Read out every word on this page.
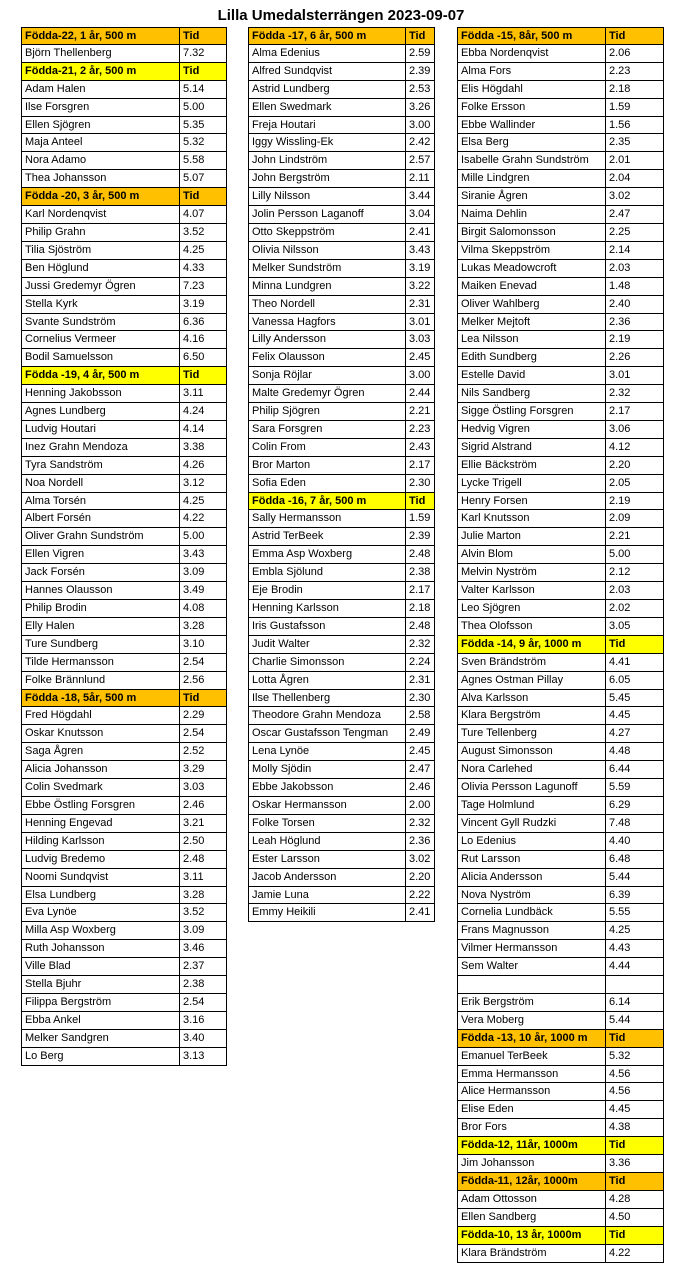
Lilla Umedalsterrängen 2023-09-07
Födda-22, 1 år, 500 m	Tid
Björn Thellenberg	7.32
Födda-21, 2 år, 500 m	Tid
Adam Halen	5.14
Ilse Forsgren	5.00
Ellen Sjögren	5.35
Maja Anteel	5.32
Nora Adamo	5.58
Thea Johansson	5.07
Födda -20, 3 år, 500 m	Tid
Karl Nordenqvist	4.07
Philip Grahn	3.52
Tilia Sjöström	4.25
Ben Höglund	4.33
Jussi Gredemyr Ögren	7.23
Stella Kyrk	3.19
Svante Sundström	6.36
Cornelius Vermeer	4.16
Bodil Samuelsson	6.50
Födda -19, 4 år, 500 m	Tid
Henning Jakobsson	3.11
Agnes Lundberg	4.24
Ludvig Houtari	4.14
Inez Grahn Mendoza	3.38
Tyra Sandström	4.26
Noa Nordell	3.12
Alma Torsén	4.25
Albert Forsén	4.22
Oliver Grahn Sundström	5.00
Ellen Vigren	3.43
Jack Forsén	3.09
Hannes Olausson	3.49
Philip Brodin	4.08
Elly Halen	3.28
Ture Sundberg	3.10
Tilde Hermansson	2.54
Folke Brännlund	2.56
Födda -18, 5år, 500 m	Tid
Fred Högdahl	2.29
Oskar Knutsson	2.54
Saga Ågren	2.52
Alicia Johansson	3.29
Colin Svedmark	3.03
Ebbe Östling Forsgren	2.46
Henning Engevad	3.21
Hilding Karlsson	2.50
Ludvig Bredemo	2.48
Noomi Sundqvist	3.11
Elsa Lundberg	3.28
Eva Lynöe	3.52
Milla Asp Woxberg	3.09
Ruth Johansson	3.46
Ville Blad	2.37
Stella Bjuhr	2.38
Filippa Bergström	2.54
Ebba Ankel	3.16
Melker Sandgren	3.40
Lo Berg	3.13
Födda -17, 6 år, 500 m	Tid
Alma Edenius	2.59
Alfred Sundqvist	2.39
Astrid Lundberg	2.53
Ellen Swedmark	3.26
Freja Houtari	3.00
Iggy Wissling-Ek	2.42
John Lindström	2.57
John Bergström	2.11
Lilly Nilsson	3.44
Jolin Persson Laganoff	3.04
Otto Skeppström	2.41
Olivia Nilsson	3.43
Melker Sundström	3.19
Minna Lundgren	3.22
Theo Nordell	2.31
Vanessa Hagfors	3.01
Lilly Andersson	3.03
Felix Olausson	2.45
Sonja Röjlar	3.00
Malte Gredemyr Ögren	2.44
Philip Sjögren	2.21
Sara Forsgren	2.23
Colin From	2.43
Bror Marton	2.17
Sofia Eden	2.30
Födda -16, 7 år, 500 m	Tid
Sally Hermansson	1.59
Astrid TerBeek	2.39
Emma Asp Woxberg	2.48
Embla Sjölund	2.38
Eje Brodin	2.17
Henning Karlsson	2.18
Iris Gustafsson	2.48
Judit Walter	2.32
Charlie Simonsson	2.24
Lotta Ågren	2.31
Ilse Thellenberg	2.30
Theodore Grahn Mendoza	2.58
Oscar Gustafsson Tengman	2.49
Lena Lynöe	2.45
Molly Sjödin	2.47
Ebbe Jakobsson	2.46
Oskar Hermansson	2.00
Folke Torsen	2.32
Leah Höglund	2.36
Ester Larsson	3.02
Jacob Andersson	2.20
Jamie Luna	2.22
Emmy Heikili	2.41
Födda -15, 8år, 500 m	Tid
Ebba Nordenqvist	2.06
Alma Fors	2.23
Elis Högdahl	2.18
Folke Ersson	1.59
Ebbe Wallinder	1.56
Elsa Berg	2.35
Isabelle Grahn Sundström	2.01
Mille Lindgren	2.04
Siranie Ågren	3.02
Naima Dehlin	2.47
Birgit Salomonsson	2.25
Vilma Skeppström	2.14
Lukas Meadowcroft	2.03
Maiken Enevad	1.48
Oliver Wahlberg	2.40
Melker Mejtoft	2.36
Lea Nilsson	2.19
Edith Sundberg	2.26
Estelle David	3.01
Nils Sandberg	2.32
Sigge Östling Forsgren	2.17
Hedvig Vigren	3.06
Sigrid Alstrand	4.12
Ellie Bäckström	2.20
Lycke Trigell	2.05
Henry Forsen	2.19
Karl Knutsson	2.09
Julie Marton	2.21
Alvin Blom	5.00
Melvin Nyström	2.12
Valter Karlsson	2.03
Leo Sjögren	2.02
Thea Olofsson	3.05
Födda -14, 9 år, 1000 m	Tid
Sven Brändström	4.41
Agnes Ostman Pillay	6.05
Alva Karlsson	5.45
Klara Bergström	4.45
Ture Tellenberg	4.27
August Simonsson	4.48
Nora Carlehed	6.44
Olivia Persson Lagunoff	5.59
Tage Holmlund	6.29
Vincent Gyll Rudzki	7.48
Lo Edenius	4.40
Rut Larsson	6.48
Alicia Andersson	5.44
Nova Nyström	6.39
Cornelia Lundbäck	5.55
Frans Magnusson	4.25
Vilmer Hermansson	4.43
Sem Walter	4.44
Erik Bergström	6.14
Vera Moberg	5.44
Födda -13, 10 år, 1000 m	Tid
Emanuel TerBeek	5.32
Emma Hermansson	4.56
Alice Hermansson	4.56
Elise Eden	4.45
Bror Fors	4.38
Födda-12, 11år, 1000m	Tid
Jim Johansson	3.36
Födda-11, 12år, 1000m	Tid
Adam Ottosson	4.28
Ellen Sandberg	4.50
Födda-10, 13 år, 1000m	Tid
Klara Brändström	4.22
